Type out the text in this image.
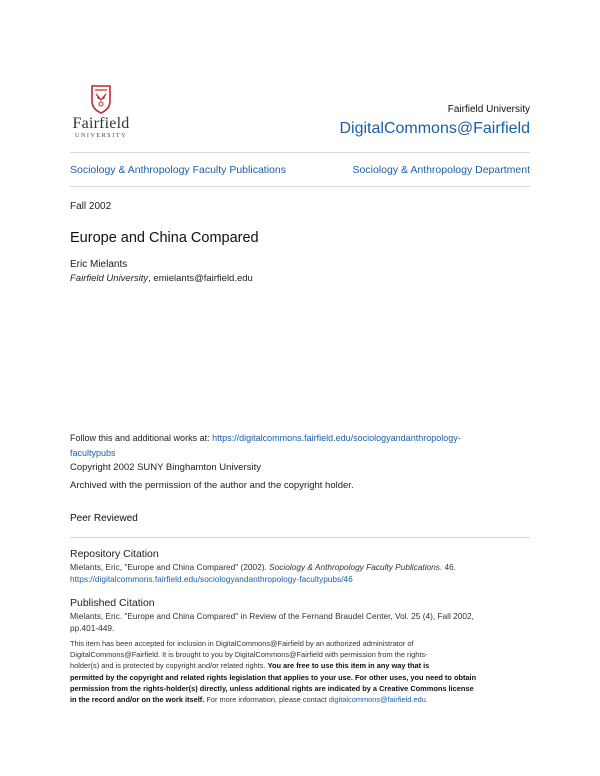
Fairfield
UNIVERSITY
Fairfield University
DigitalCommons@Fairfield
Sociology & Anthropology Faculty Publications	Sociology & Anthropology Department
Fall 2002
Europe and China Compared
Eric Mielants
Fairfield University, emielants@fairfield.edu
Follow this and additional works at: https://digitalcommons.fairfield.edu/sociologyandanthropology-
facultypubs
Copyright 2002 SUNY Binghamton University
Archived with the permission of the author and the copyright holder.
Peer Reviewed
Repository Citation
Mielants, Eric, "Europe and China Compared" (2002). Sociology & Anthropology Faculty Publications. 46.
https://digitalcommons.fairfield.edu/sociologyandanthropology-facultypubs/46
Published Citation
Mielants, Eric. "Europe and China Compared" in Review of the Fernand Braudel Center, Vol. 25 (4), Fall 2002,
pp.401-449.
This item has been accepted for inclusion in DigitalCommons@Fairfield by an authorized administrator of
DigitalCommons@Fairfield. It is brought to you by DigitalCommons@Fairfield with permission from the rights-
holder(s) and is protected by copyright and/or related rights. You are free to use this item in any way that is
permitted by the copyright and related rights legislation that applies to your use. For other uses, you need to obtain
permission from the rights-holder(s) directly, unless additional rights are indicated by a Creative Commons license
in the record and/or on the work itself. For more information, please contact digitalcommons@fairfield.edu.
